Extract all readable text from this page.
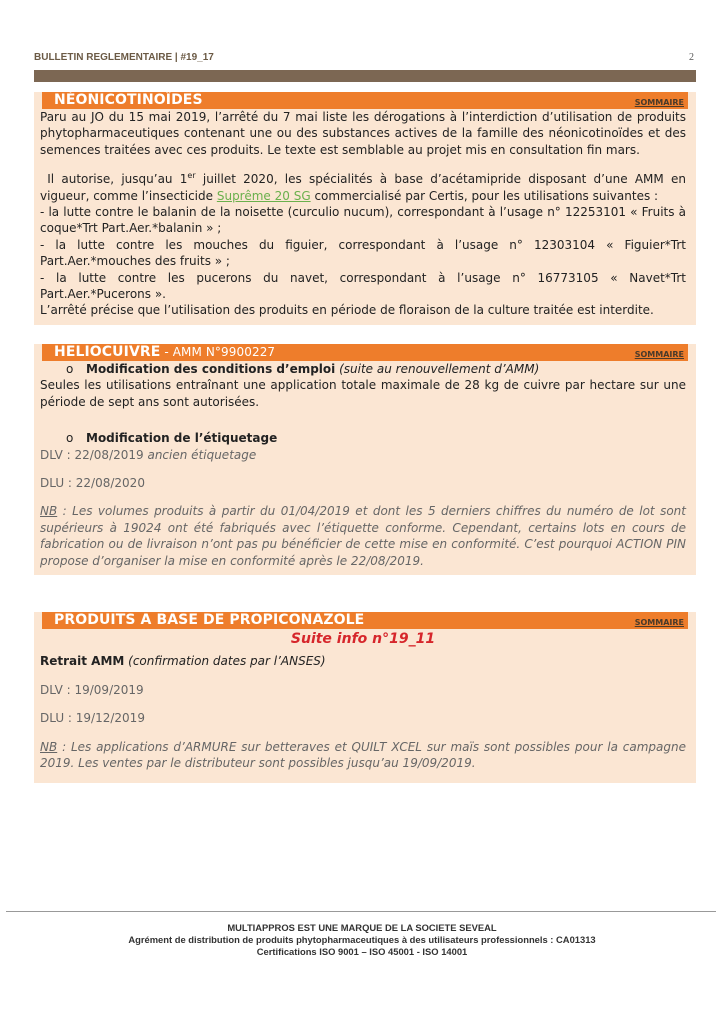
BULLETIN REGLEMENTAIRE | #19_17	2
NÉONICOTINOÏDES	SOMMAIRE

Paru au JO du 15 mai 2019, l’arrêté du 7 mai liste les dérogations à l’interdiction d’utilisation de produits phytopharmaceutiques contenant une ou des substances actives de la famille des néonicotinoïdes et des semences traitées avec ces produits. Le texte est semblable au projet mis en consultation fin mars.

Il autorise, jusqu’au 1er juillet 2020, les spécialités à base d’acétamipride disposant d’une AMM en vigueur, comme l’insecticide Suprême 20 SG commercialisé par Certis, pour les utilisations suivantes :

- la lutte contre le balanin de la noisette (curculio nucum), correspondant à l’usage n° 12253101 « Fruits à coque*Trt Part.Aer.*balanin » ;

- la lutte contre les mouches du figuier, correspondant à l’usage n° 12303104 « Figuier*Trt Part.Aer.*mouches des fruits » ;

- la lutte contre les pucerons du navet, correspondant à l’usage n° 16773105 « Navet*Trt Part.Aer.*Pucerons ».

L’arrêté précise que l’utilisation des produits en période de floraison de la culture traitée est interdite.

HELIOCUIVRE - AMM N°9900227	SOMMAIRE

o Modification des conditions d’emploi (suite au renouvellement d’AMM)

Seules les utilisations entraînant une application totale maximale de 28 kg de cuivre par hectare sur une période de sept ans sont autorisées.

o Modification de l’étiquetage

DLV : 22/08/2019 ancien étiquetage

DLU : 22/08/2020

NB : Les volumes produits à partir du 01/04/2019 et dont les 5 derniers chiffres du numéro de lot sont supérieurs à 19024 ont été fabriqués avec l’étiquette conforme. Cependant, certains lots en cours de fabrication ou de livraison n’ont pas pu bénéficier de cette mise en conformité. C’est pourquoi ACTION PIN propose d’organiser la mise en conformité après le 22/08/2019.

PRODUITS A BASE DE PROPICONAZOLE	SOMMAIRE

Suite info n°19_11

Retrait AMM (confirmation dates par l’ANSES)

DLV : 19/09/2019

DLU : 19/12/2019

NB : Les applications d’ARMURE sur betteraves et QUILT XCEL sur maïs sont possibles pour la campagne 2019. Les ventes par le distributeur sont possibles jusqu’au 19/09/2019.

MULTIAPPROS EST UNE MARQUE DE LA SOCIETE SEVEAL
Agrément de distribution de produits phytopharmaceutiques à des utilisateurs professionnels : CA01313
Certifications ISO 9001 – ISO 45001 - ISO 14001
